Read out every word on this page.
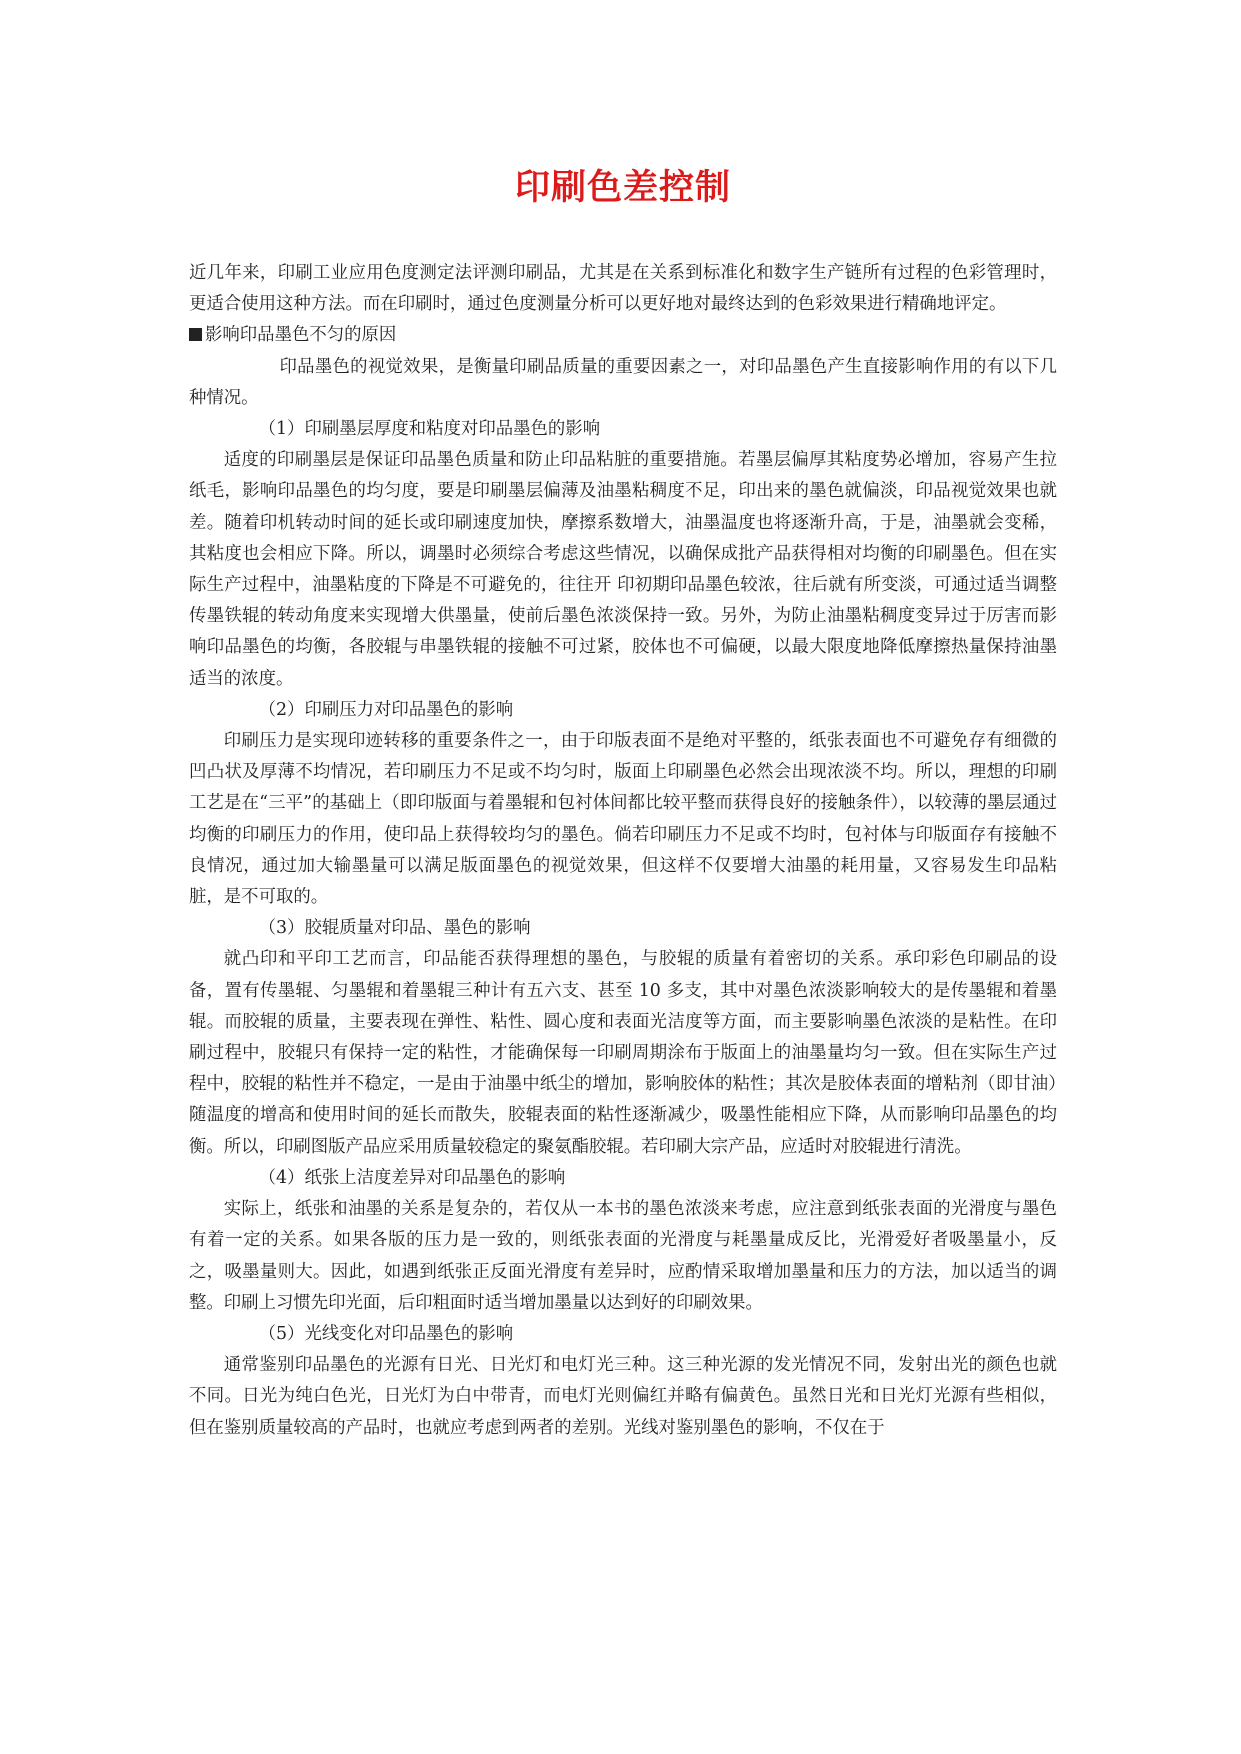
印刷色差控制

近几年来，印刷工业应用色度测定法评测印刷品，尤其是在关系到标准化和数字生产链所有过程的色彩管理时，更适合使用这种方法。而在印刷时，通过色度测量分析可以更好地对最终达到的色彩效果进行精确地评定。

影响印品墨色不匀的原因

印品墨色的视觉效果，是衡量印刷品质量的重要因素之一，对印品墨色产生直接影响作用的有以下几种情况。

（1）印刷墨层厚度和粘度对印品墨色的影响

适度的印刷墨层是保证印品墨色质量和防止印品粘脏的重要措施。若墨层偏厚其粘度势必增加，容易产生拉纸毛，影响印品墨色的均匀度，要是印刷墨层偏薄及油墨粘稠度不足，印出来的墨色就偏淡，印品视觉效果也就差。随着印机转动时间的延长或印刷速度加快，摩擦系数增大，油墨温度也将逐渐升高，于是，油墨就会变稀，其粘度也会相应下降。所以，调墨时必须综合考虑这些情况，以确保成批产品获得相对均衡的印刷墨色。但在实际生产过程中，油墨粘度的下降是不可避免的，往往开 印初期印品墨色较浓，往后就有所变淡，可通过适当调整传墨铁辊的转动角度来实现增大供墨量，使前后墨色浓淡保持一致。另外，为防止油墨粘稠度变异过于厉害而影响印品墨色的均衡，各胶辊与串墨铁辊的接触不可过紧，胶体也不可偏硬，以最大限度地降低摩擦热量保持油墨适当的浓度。

（2）印刷压力对印品墨色的影响

印刷压力是实现印迹转移的重要条件之一，由于印版表面不是绝对平整的，纸张表面也不可避免存有细微的凹凸状及厚薄不均情况，若印刷压力不足或不均匀时，版面上印刷墨色必然会出现浓淡不均。所以，理想的印刷工艺是在“三平”的基础上（即印版面与着墨辊和包衬体间都比较平整而获得良好的接触条件），以较薄的墨层通过均衡的印刷压力的作用，使印品上获得较均匀的墨色。倘若印刷压力不足或不均时，包衬体与印版面存有接触不良情况，通过加大输墨量可以满足版面墨色的视觉效果，但这样不仅要增大油墨的耗用量，又容易发生印品粘脏，是不可取的。

（3）胶辊质量对印品、墨色的影响

就凸印和平印工艺而言，印品能否获得理想的墨色，与胶辊的质量有着密切的关系。承印彩色印刷品的设备，置有传墨辊、匀墨辊和着墨辊三种计有五六支、甚至 10 多支，其中对墨色浓淡影响较大的是传墨辊和着墨辊。而胶辊的质量，主要表现在弹性、粘性、圆心度和表面光洁度等方面，而主要影响墨色浓淡的是粘性。在印刷过程中，胶辊只有保持一定的粘性，才能确保每一印刷周期涂布于版面上的油墨量均匀一致。但在实际生产过程中，胶辊的粘性并不稳定，一是由于油墨中纸尘的增加，影响胶体的粘性；其次是胶体表面的增粘剂（即甘油）随温度的增高和使用时间的延长而散失，胶辊表面的粘性逐渐减少，吸墨性能相应下降，从而影响印品墨色的均衡。所以，印刷图版产品应采用质量较稳定的聚氨酯胶辊。若印刷大宗产品，应适时对胶辊进行清洗。

（4）纸张上洁度差异对印品墨色的影响

实际上，纸张和油墨的关系是复杂的，若仅从一本书的墨色浓淡来考虑，应注意到纸张表面的光滑度与墨色有着一定的关系。如果各版的压力是一致的，则纸张表面的光滑度与耗墨量成反比，光滑爱好者吸墨量小，反之，吸墨量则大。因此，如遇到纸张正反面光滑度有差异时，应酌情采取增加墨量和压力的方法，加以适当的调整。印刷上习惯先印光面，后印粗面时适当增加墨量以达到好的印刷效果。

（5）光线变化对印品墨色的影响

通常鉴别印品墨色的光源有日光、日光灯和电灯光三种。这三种光源的发光情况不同，发射出光的颜色也就不同。日光为纯白色光，日光灯为白中带青，而电灯光则偏红并略有偏黄色。虽然日光和日光灯光源有些相似，但在鉴别质量较高的产品时，也就应考虑到两者的差别。光线对鉴别墨色的影响，不仅在于
